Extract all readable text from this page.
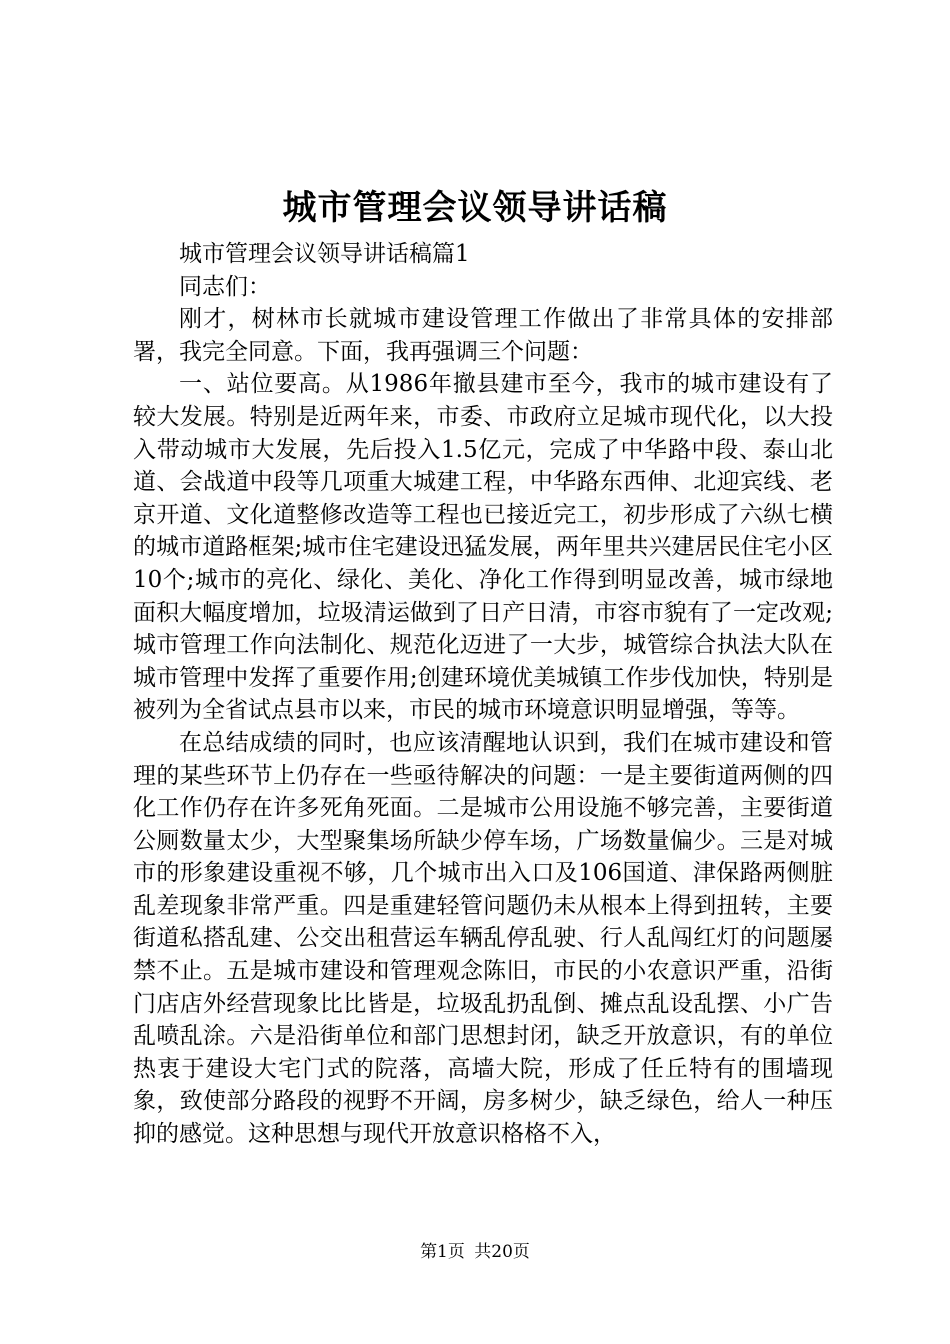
城市管理会议领导讲话稿

城市管理会议领导讲话稿篇1

同志们：

刚才，树林市长就城市建设管理工作做出了非常具体的安排部署，我完全同意。下面，我再强调三个问题：

一、站位要高。从1986年撤县建市至今，我市的城市建设有了较大发展。特别是近两年来，市委、市政府立足城市现代化，以大投入带动城市大发展，先后投入1.5亿元，完成了中华路中段、泰山北道、会战道中段等几项重大城建工程，中华路东西伸、北迎宾线、老京开道、文化道整修改造等工程也已接近完工，初步形成了六纵七横的城市道路框架;城市住宅建设迅猛发展，两年里共兴建居民住宅小区10个;城市的亮化、绿化、美化、净化工作得到明显改善，城市绿地面积大幅度增加，垃圾清运做到了日产日清，市容市貌有了一定改观;城市管理工作向法制化、规范化迈进了一大步，城管综合执法大队在城市管理中发挥了重要作用;创建环境优美城镇工作步伐加快，特别是被列为全省试点县市以来，市民的城市环境意识明显增强，等等。

在总结成绩的同时，也应该清醒地认识到，我们在城市建设和管理的某些环节上仍存在一些亟待解决的问题：一是主要街道两侧的四化工作仍存在许多死角死面。二是城市公用设施不够完善，主要街道公厕数量太少，大型聚集场所缺少停车场，广场数量偏少。三是对城市的形象建设重视不够，几个城市出入口及106国道、津保路两侧脏乱差现象非常严重。四是重建轻管问题仍未从根本上得到扭转，主要街道私搭乱建、公交出租营运车辆乱停乱驶、行人乱闯红灯的问题屡禁不止。五是城市建设和管理观念陈旧，市民的小农意识严重，沿街门店店外经营现象比比皆是，垃圾乱扔乱倒、摊点乱设乱摆、小广告乱喷乱涂。六是沿街单位和部门思想封闭，缺乏开放意识，有的单位热衷于建设大宅门式的院落，高墙大院，形成了任丘特有的围墙现象，致使部分路段的视野不开阔，房多树少，缺乏绿色，给人一种压抑的感觉。这种思想与现代开放意识格格不入，

第1页 共20页
